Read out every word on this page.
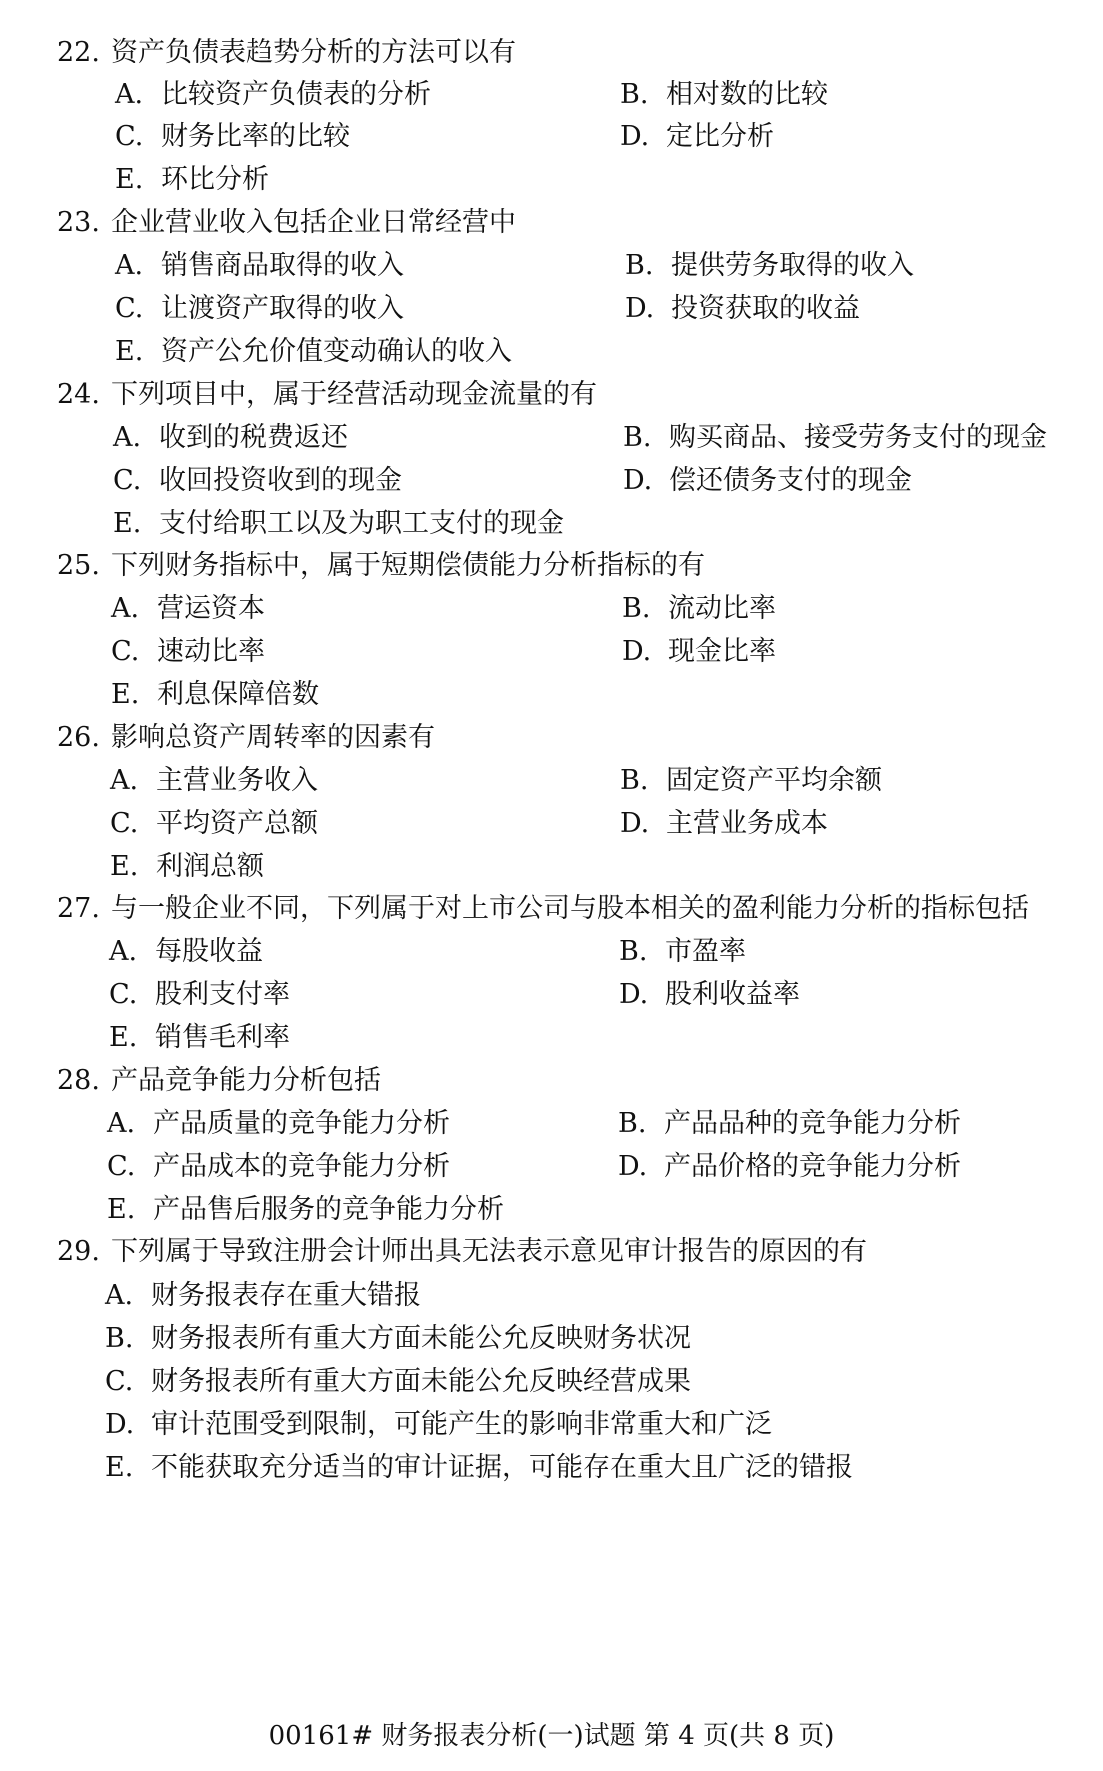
22. 资产负债表趋势分析的方法可以有
A. 比较资产负债表的分析	B. 相对数的比较
C. 财务比率的比较	D. 定比分析
E. 环比分析
23. 企业营业收入包括企业日常经营中
A. 销售商品取得的收入	B. 提供劳务取得的收入
C. 让渡资产取得的收入	D. 投资获取的收益
E. 资产公允价值变动确认的收入
24. 下列项目中，属于经营活动现金流量的有
A. 收到的税费返还	B. 购买商品、接受劳务支付的现金
C. 收回投资收到的现金	D. 偿还债务支付的现金
E. 支付给职工以及为职工支付的现金
25. 下列财务指标中，属于短期偿债能力分析指标的有
A. 营运资本	B. 流动比率
C. 速动比率	D. 现金比率
E. 利息保障倍数
26. 影响总资产周转率的因素有
A. 主营业务收入	B. 固定资产平均余额
C. 平均资产总额	D. 主营业务成本
E. 利润总额
27. 与一般企业不同，下列属于对上市公司与股本相关的盈利能力分析的指标包括
A. 每股收益	B. 市盈率
C. 股利支付率	D. 股利收益率
E. 销售毛利率
28. 产品竞争能力分析包括
A. 产品质量的竞争能力分析	B. 产品品种的竞争能力分析
C. 产品成本的竞争能力分析	D. 产品价格的竞争能力分析
E. 产品售后服务的竞争能力分析
29. 下列属于导致注册会计师出具无法表示意见审计报告的原因的有
A. 财务报表存在重大错报
B. 财务报表所有重大方面未能公允反映财务状况
C. 财务报表所有重大方面未能公允反映经营成果
D. 审计范围受到限制，可能产生的影响非常重大和广泛
E. 不能获取充分适当的审计证据，可能存在重大且广泛的错报
00161# 财务报表分析(一)试题 第 4 页(共 8 页)
